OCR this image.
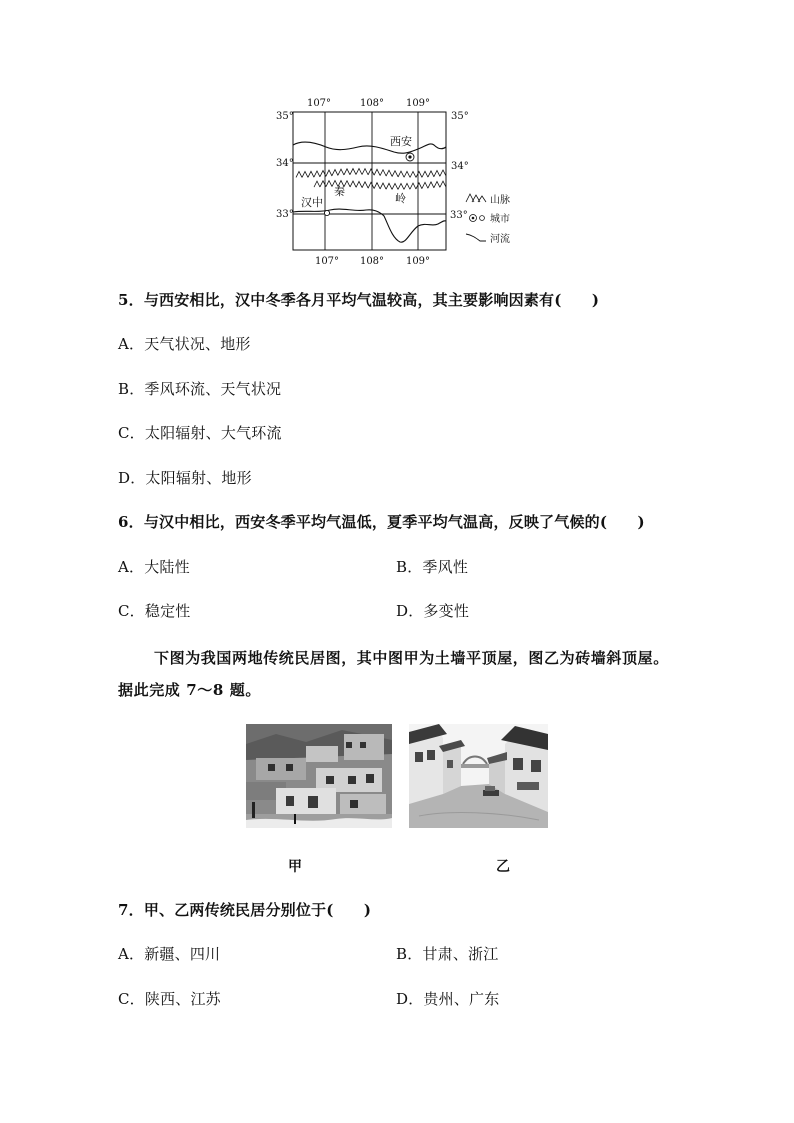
107°	108° 109°
107° 108° 109°
35°
34°
33°
35°
34°
33°
西安
汉中
秦
岭	山脉
城市
河流
5．与西安相比，汉中冬季各月平均气温较高，其主要影响因素有(　　)
A．天气状况、地形
B．季风环流、天气状况
C．太阳辐射、大气环流
D．太阳辐射、地形
6．与汉中相比，西安冬季平均气温低，夏季平均气温高，反映了气候的(　　)
A．大陆性	B．季风性
C．稳定性	D．多变性
下图为我国两地传统民居图，其中图甲为土墙平顶屋，图乙为砖墙斜顶屋。
据此完成 7～8 题。
甲	乙
7．甲、乙两传统民居分别位于(　　)
A．新疆、四川	B．甘肃、浙江
C．陕西、江苏	D．贵州、广东
